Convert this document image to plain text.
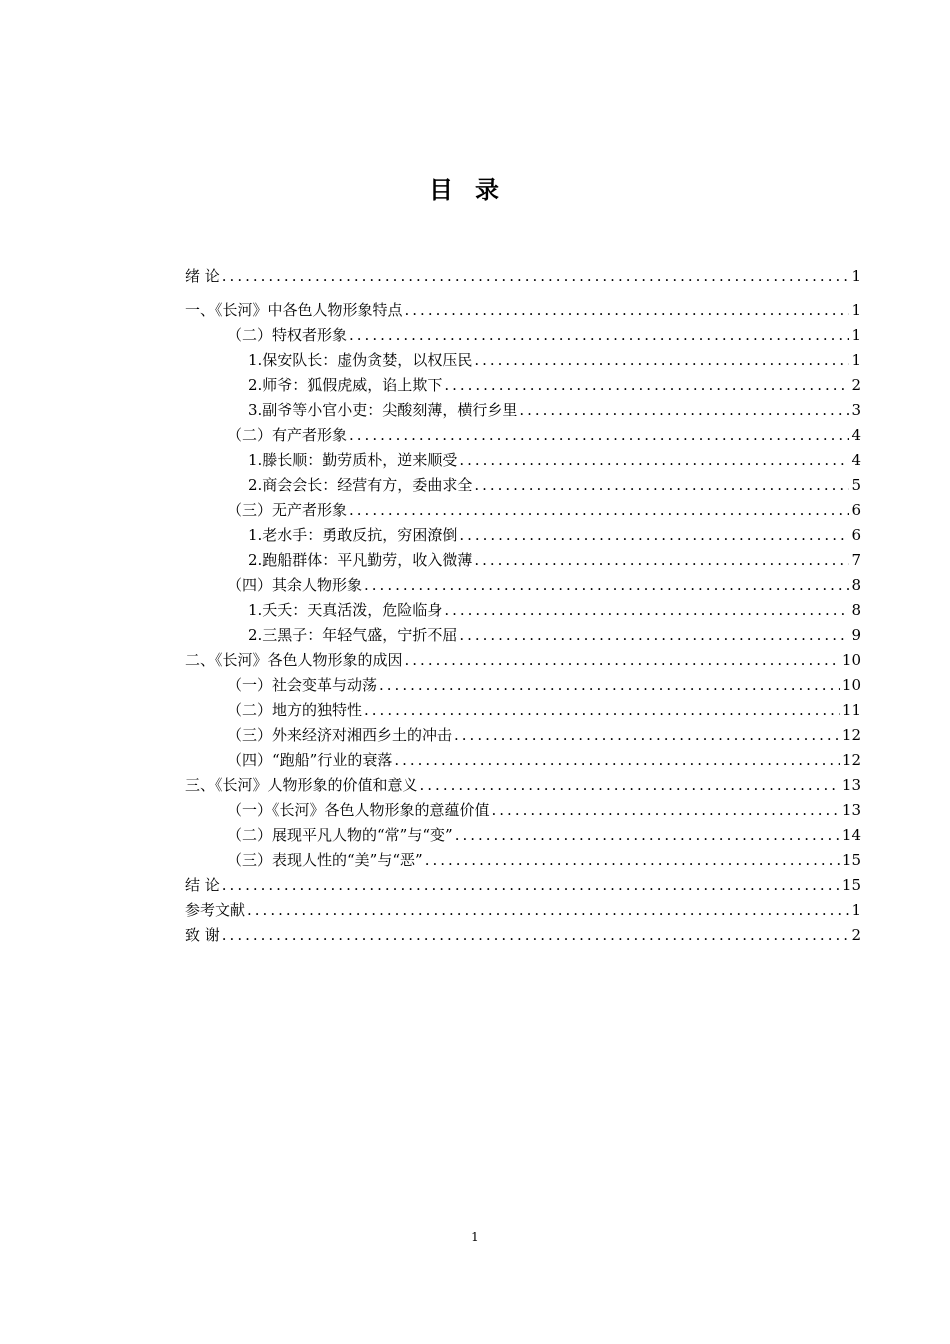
目录
绪 论 .....	1
一、《长河》中各色人物形象特点 .....	1
（二）特权者形象 .....	1
1.保安队长：虚伪贪婪，以权压民 .....	1
2.师爷：狐假虎威，谄上欺下 .....	2
3.副爷等小官小吏：尖酸刻薄，横行乡里 .....	3
（二）有产者形象 .....	4
1.滕长顺：勤劳质朴，逆来顺受 .....	4
2.商会会长：经营有方，委曲求全 .....	5
（三）无产者形象 .....	6
1.老水手：勇敢反抗，穷困潦倒 .....	6
2.跑船群体：平凡勤劳，收入微薄 .....	7
（四）其余人物形象 .....	8
1.夭夭：天真活泼，危险临身 .....	8
2.三黑子：年轻气盛，宁折不屈 .....	9
二、《长河》各色人物形象的成因 .....	10
（一）社会变革与动荡 .....	10
（二）地方的独特性 .....	11
（三）外来经济对湘西乡土的冲击 .....	12
（四）“跑船”行业的衰落 .....	12
三、《长河》人物形象的价值和意义 .....	13
（一）《长河》各色人物形象的意蕴价值 .....	13
（二）展现平凡人物的“常”与“变” .....	14
（三）表现人性的“美”与“恶” .....	15
结 论 .....	15
参考文献 .....	1
致 谢 .....	2
1
